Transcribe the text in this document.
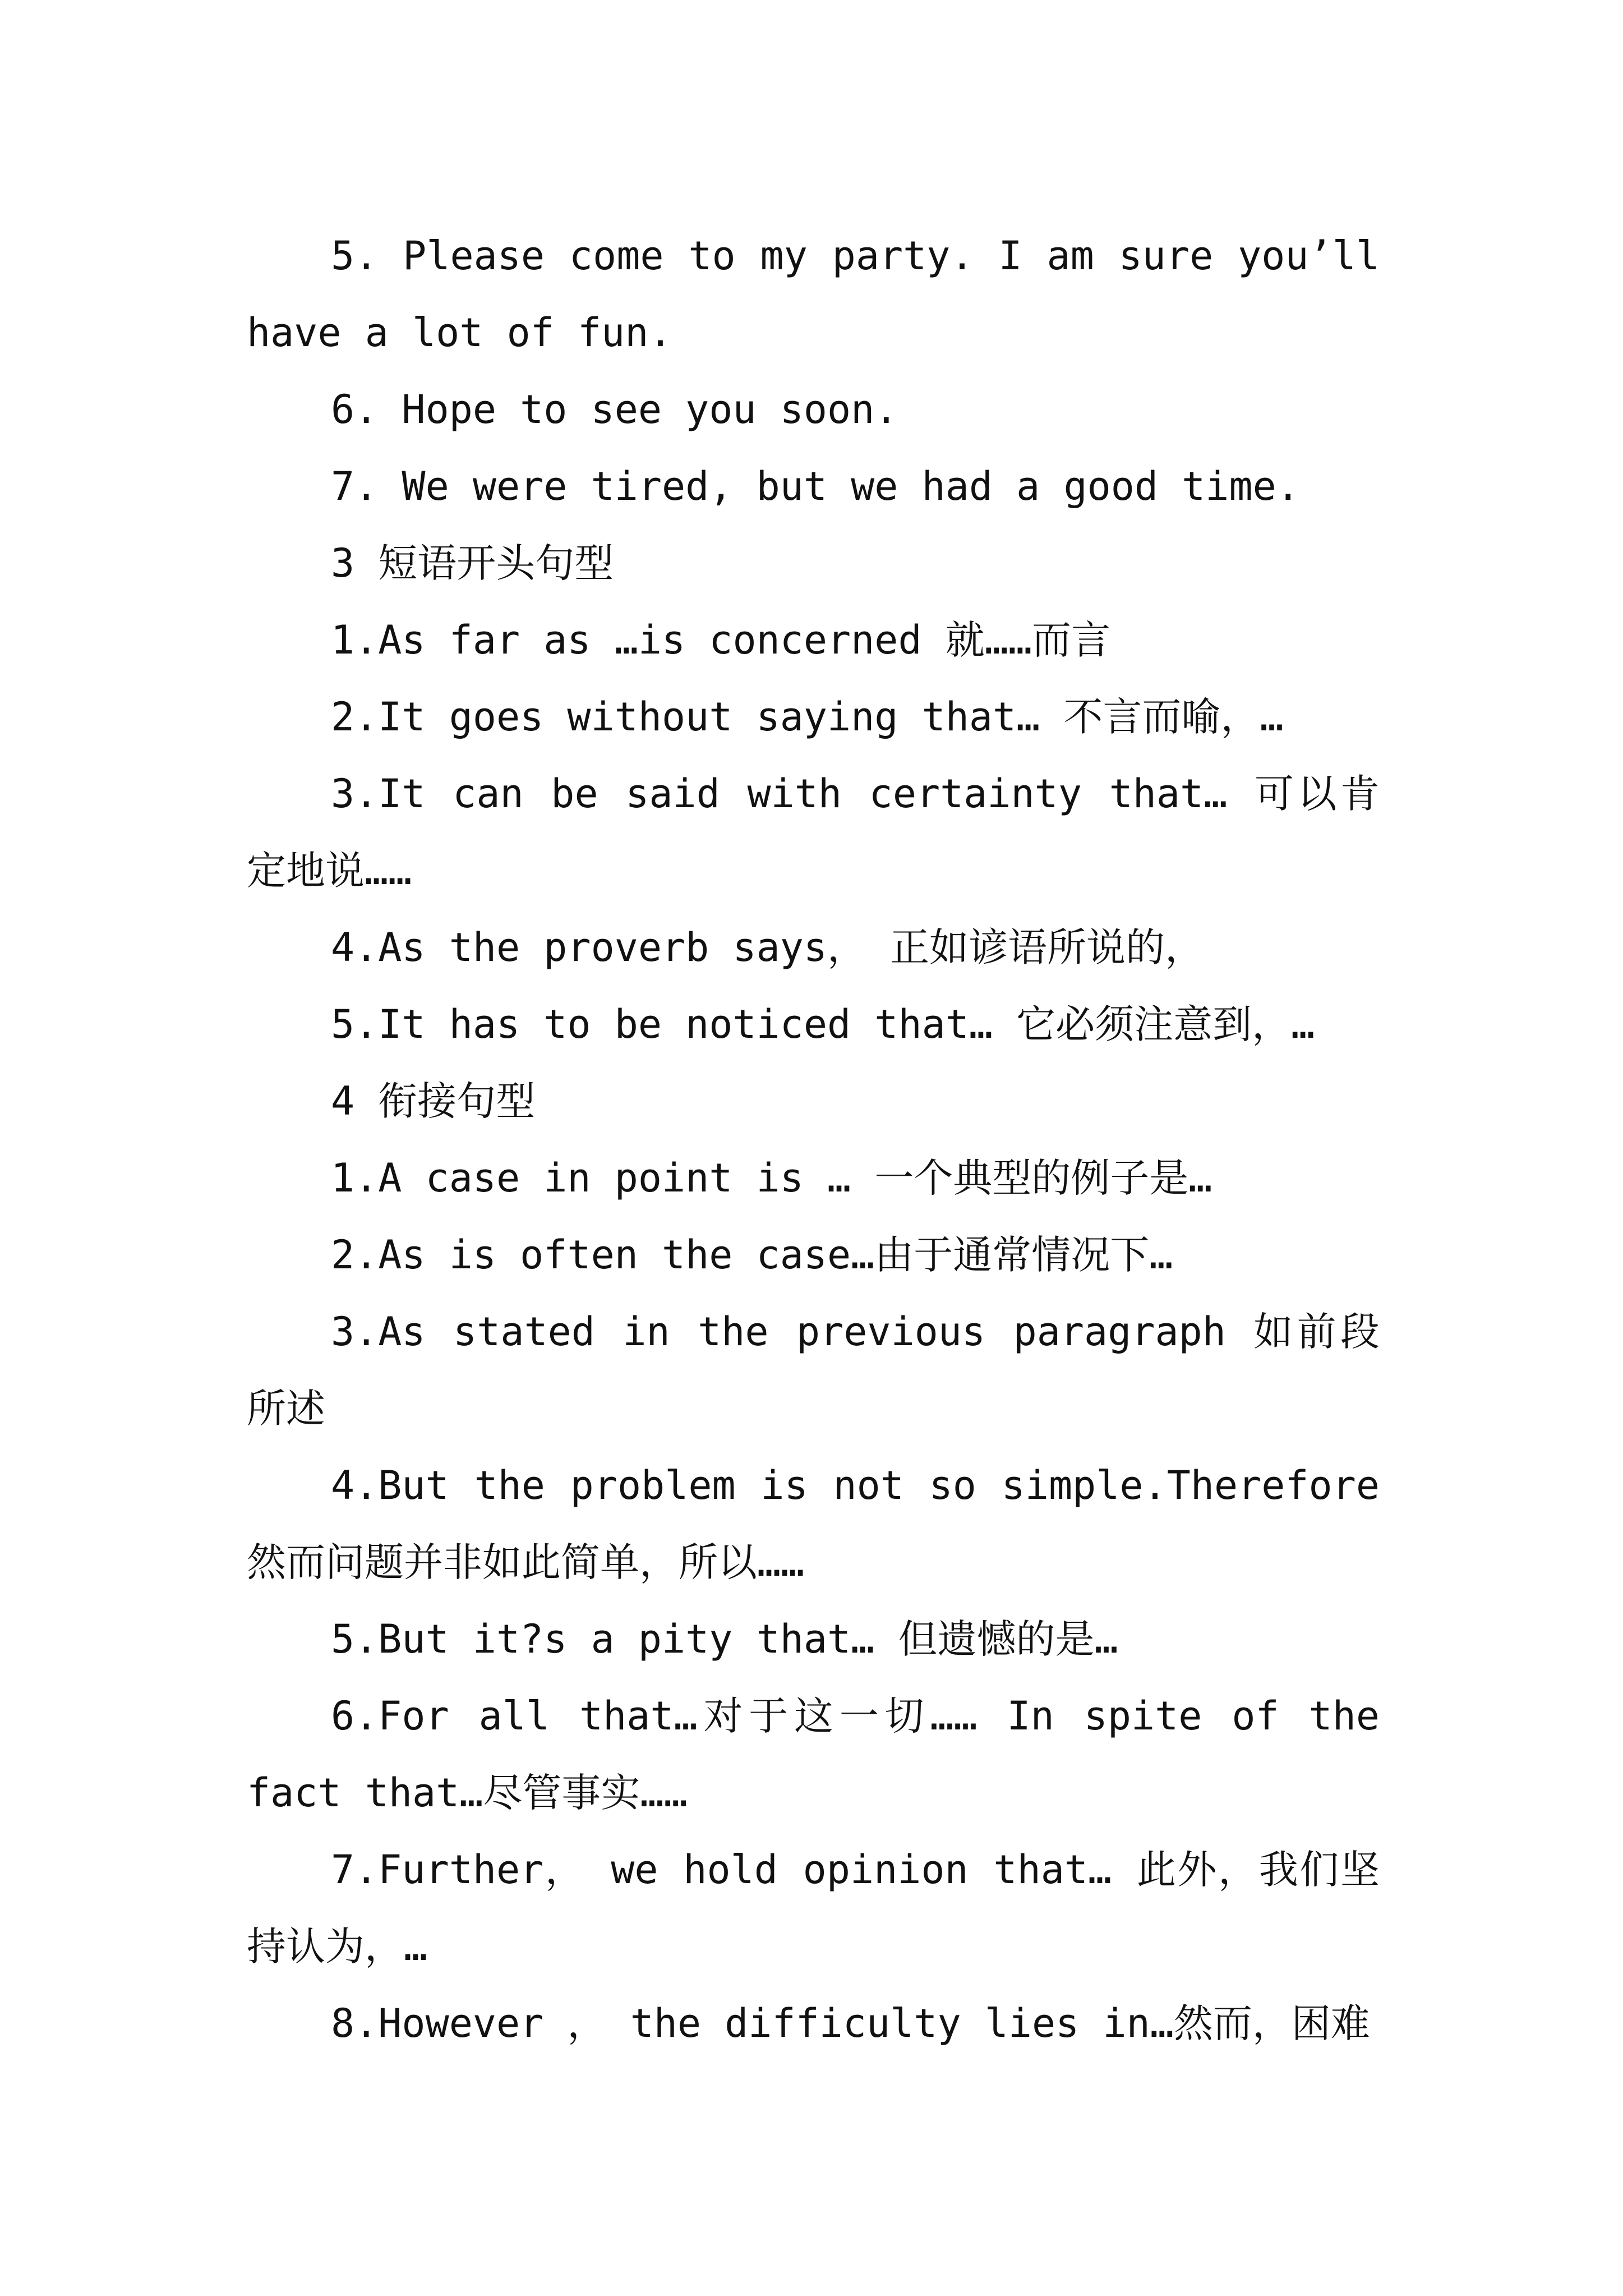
5. Please come to my party. I am sure you’ll have a lot of fun.

6. Hope to see you soon.

7. We were tired, but we had a good time.

3 短语开头句型

1.As far as …is concerned 就……而言

2.It goes without saying that… 不言而喻，…

3.It can be said with certainty that… 可以肯定地说……

4.As the proverb says， 正如谚语所说的，

5.It has to be noticed that… 它必须注意到，…

4 衔接句型

1.A case in point is … 一个典型的例子是…

2.As is often the case…由于通常情况下…

3.As stated in the previous paragraph 如前段所述

4.But the problem is not so simple.Therefore 然而问题并非如此简单，所以……

5.But it?s a pity that… 但遗憾的是…

6.For all that…对于这一切…… In spite of the fact that…尽管事实……

7.Further， we hold opinion that… 此外，我们坚持认为，…

8.However ， the difficulty lies in…然而，困难
